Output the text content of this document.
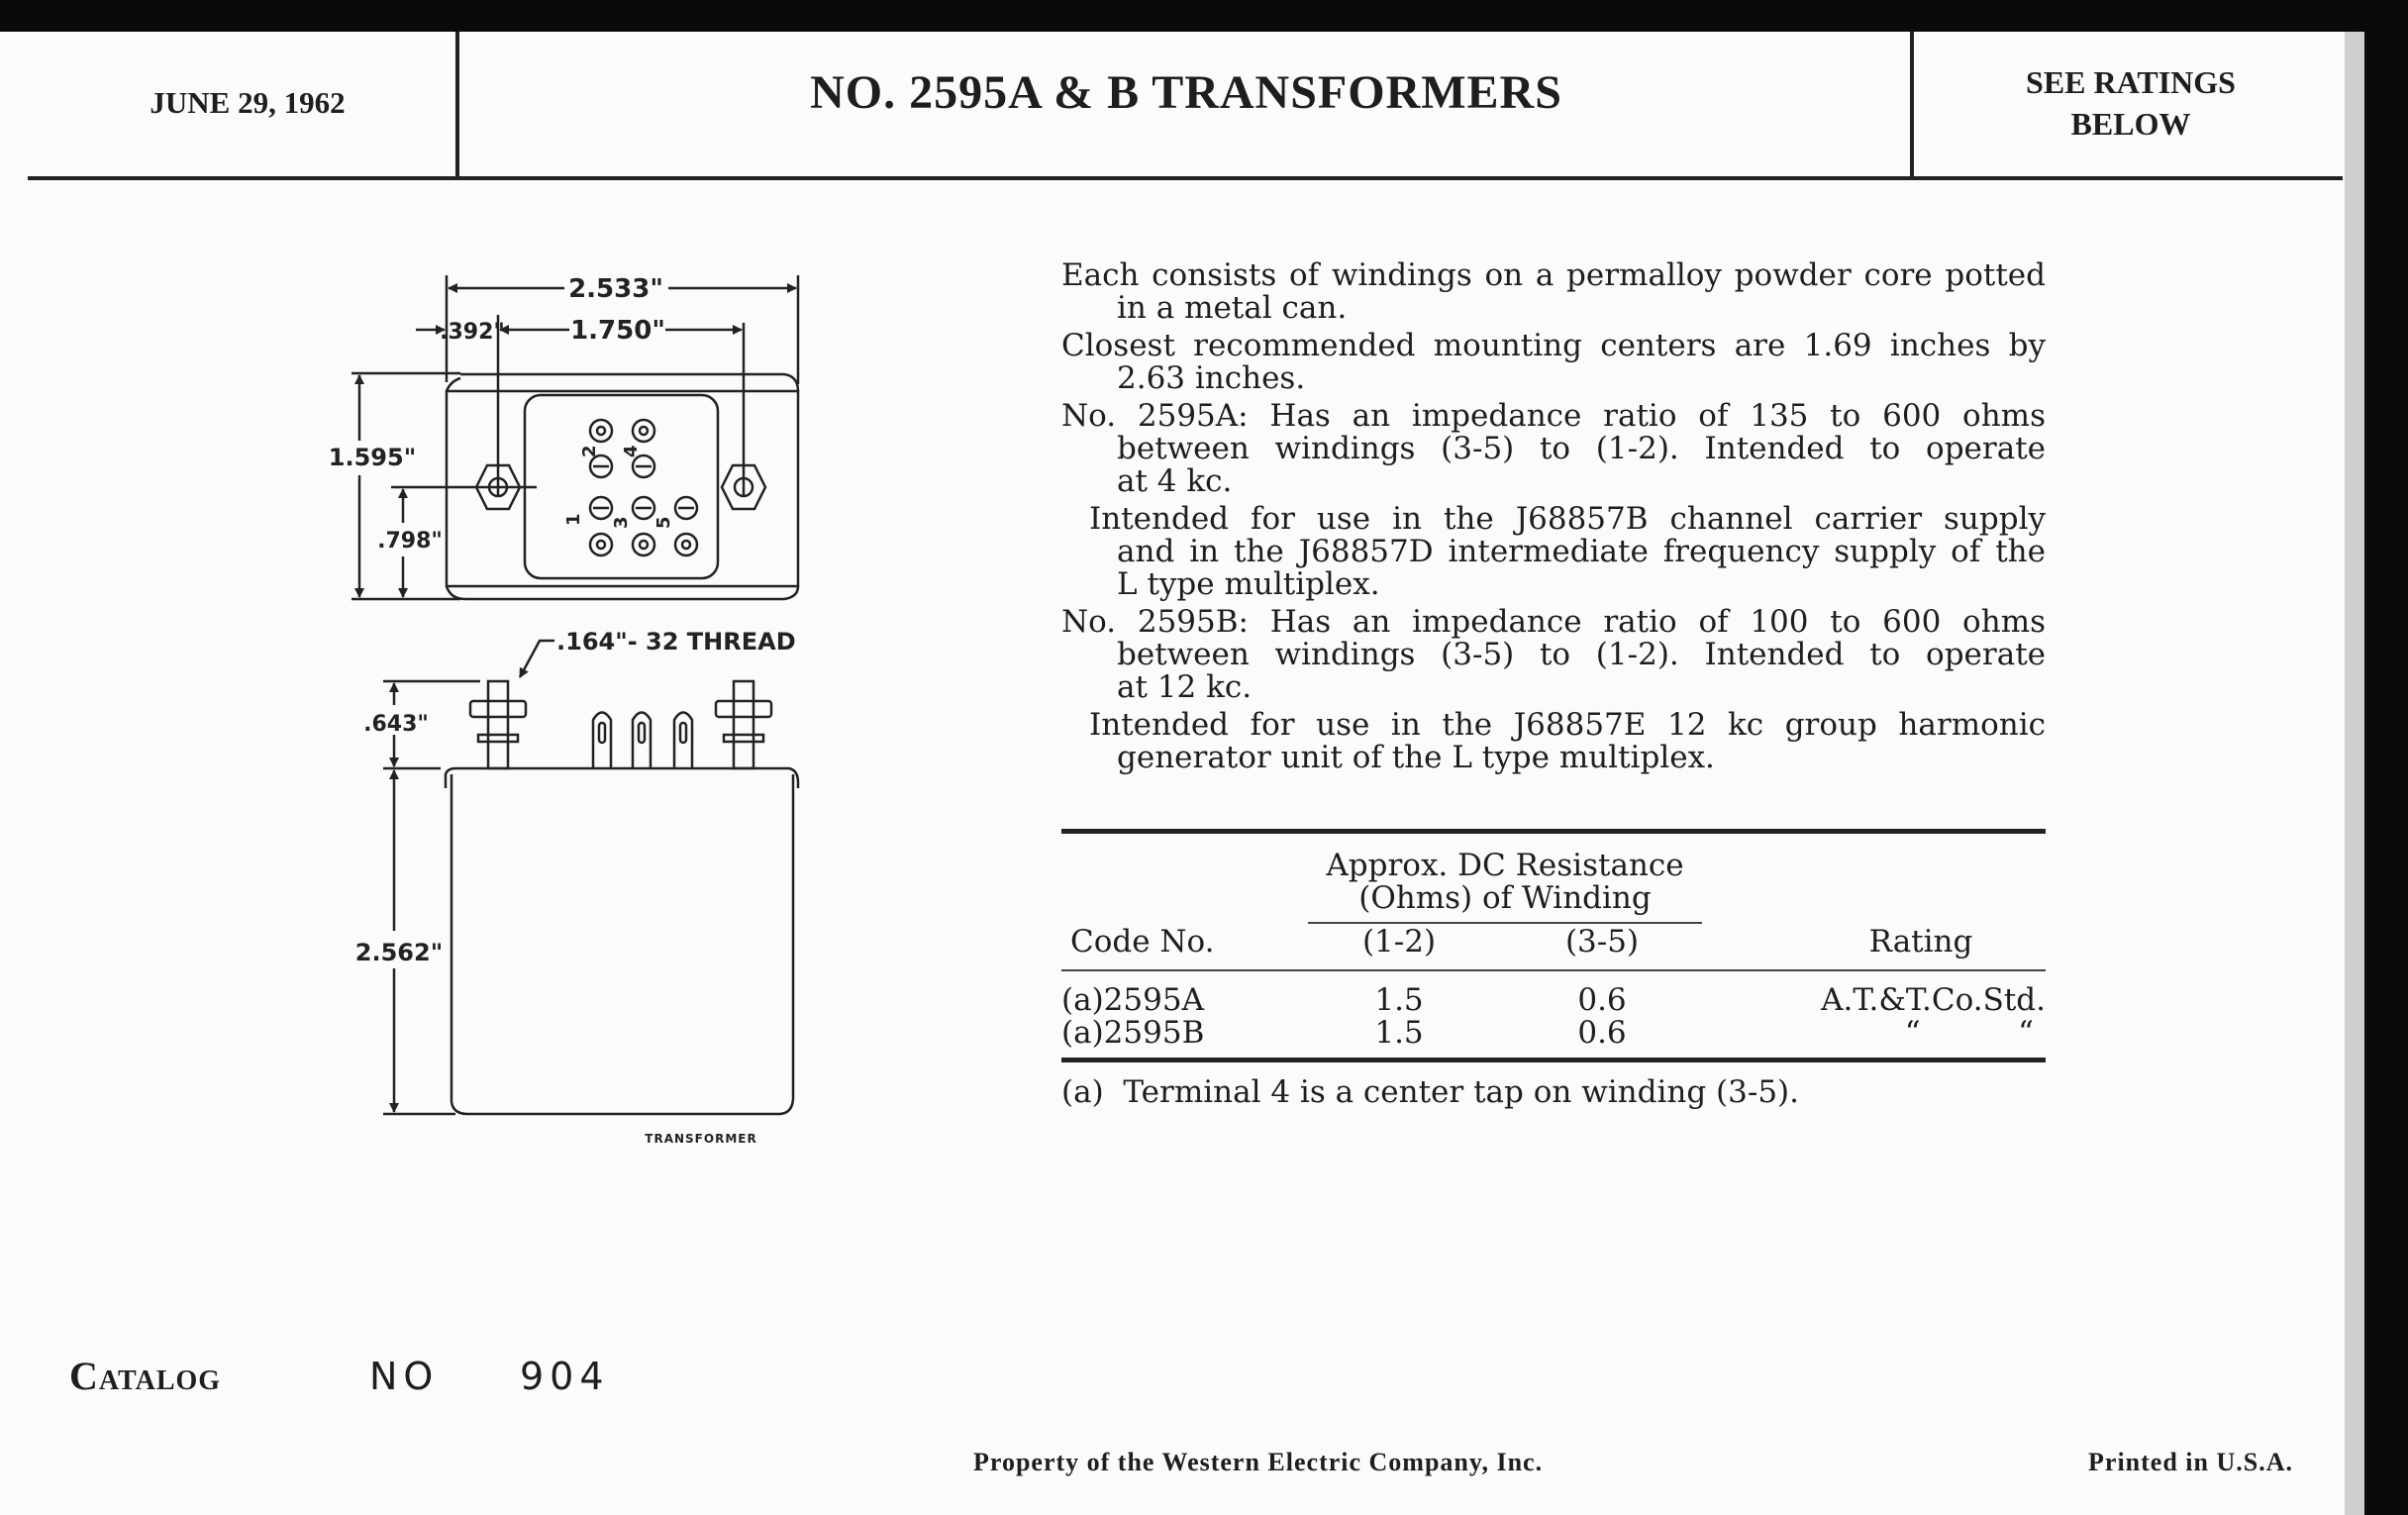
JUNE 29, 1962	NO. 2595A & B TRANSFORMERS	SEE RATINGS
BELOW
2.533"
1.750"
.392"
1.595"
.798"
1
2
3
4
5
.164"- 32 THREAD
.643"
2.562"
TRANSFORMER
Each consists of windings on a permalloy powder core potted
in a metal can.
Closest recommended mounting centers are 1.69 inches by
2.63 inches.
No. 2595A: Has an impedance ratio of 135 to 600 ohms
between windings (3-5) to (1-2). Intended to operate
at 4 kc.
Intended for use in the J68857B channel carrier supply
and in the J68857D intermediate frequency supply of the
L type multiplex.
No. 2595B: Has an impedance ratio of 100 to 600 ohms
between windings (3-5) to (1-2). Intended to operate
at 12 kc.
Intended for use in the J68857E 12 kc group harmonic
generator unit of the L type multiplex.
Approx. DC Resistance
(Ohms) of Winding
Code No.	(1-2)	(3-5)	Rating
(a)2595A	1.5	0.6	A.T.&T.Co.Std.
(a)2595B	1.5	0.6	“          “
(a)  Terminal 4 is a center tap on winding (3-5).
Catalog	NO 904
Property of the Western Electric Company, Inc.	Printed in U.S.A.
